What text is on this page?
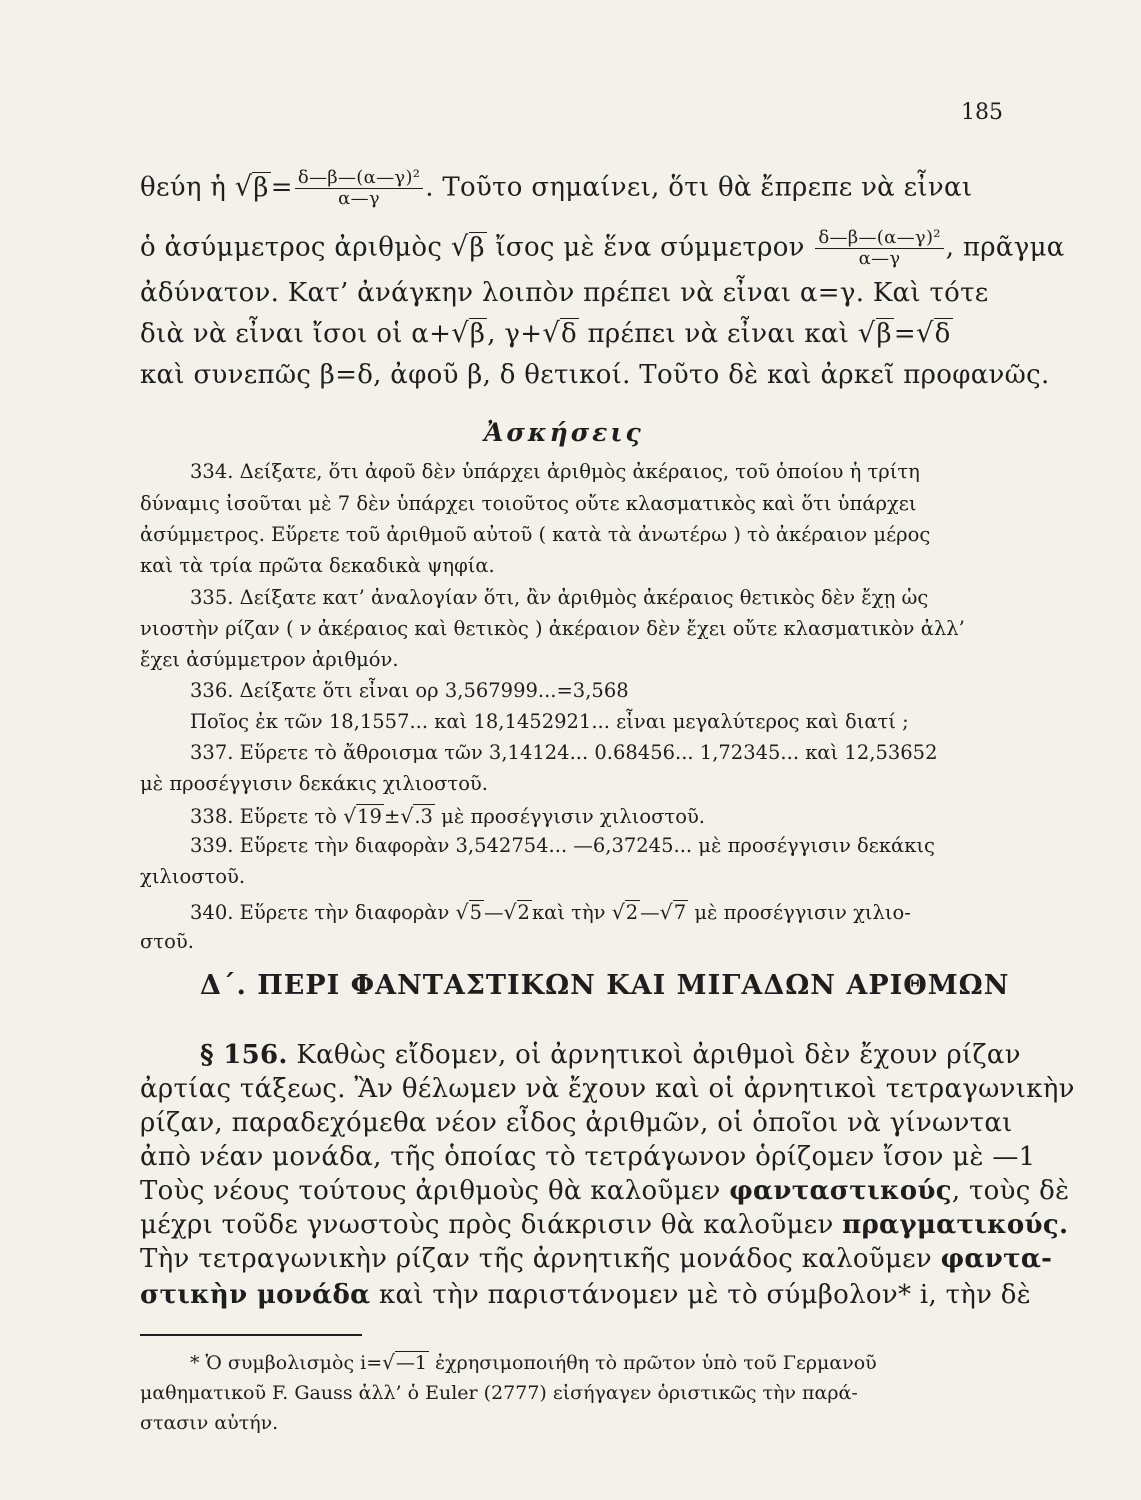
185
θεύη ἡ $√\beta= \frac{\text{δ—β—(α—γ)²}}{\alpha—\gamma}$ . Τοῦτο σημαίνει, ὅτι θὰ ἔπρεπε νὰ εἶναι
ὁ ἀσύμμετρος ἀριθμὸς √β ἴσος μὲ ἕνα σύμμετρον $\frac{\text{δ—β—(α—γ)²}}{\alpha—\gamma}$ , πρᾶγμα
ἀδύνατον. Κατ’ ἀνάγκην λοιπὸν πρέπει νὰ εἶναι α=γ. Καὶ τότε
διὰ νὰ εἶναι ἴσοι οἱ α+√β, γ+√δ πρέπει νὰ εἶναι καὶ √β=√δ
καὶ συνεπῶς β=δ, ἀφοῦ β, δ θετικοί. Τοῦτο δὲ καὶ ἀρκεῖ προφανῶς.
Ἀσκήσεις
334. Δείξατε, ὅτι ἀφοῦ δὲν ὑπάρχει ἀριθμὸς ἀκέραιος, τοῦ ὁποίου ἡ τρίτη
δύναμις ἰσοῦται μὲ 7 δὲν ὑπάρχει τοιοῦτος οὔτε κλασματικὸς καὶ ὅτι ὑπάρχει
ἀσύμμετρος. Εὕρετε τοῦ ἀριθμοῦ αὐτοῦ ( κατὰ τὰ ἀνωτέρω ) τὸ ἀκέραιον μέρος
καὶ τὰ τρία πρῶτα δεκαδικὰ ψηφία.
335. Δείξατε κατ’ ἀναλογίαν ὅτι, ἂν ἀριθμὸς ἀκέραιος θετικὸς δὲν ἔχῃ ὡς
νιοστὴν ρίζαν ( ν ἀκέραιος καὶ θετικὸς ) ἀκέραιον δὲν ἔχει οὔτε κλασματικὸν ἀλλ’
ἔχει ἀσύμμετρον ἀριθμόν.
336. Δείξατε ὅτι εἶναι ορ 3,567999...=3,568
Ποῖος ἐκ τῶν 18,1557... καὶ 18,1452921... εἶναι μεγαλύτερος καὶ διατί ;
337. Εὕρετε τὸ ἄθροισμα τῶν 3,14124... 0.68456... 1,72345... καὶ 12,53652
μὲ προσέγγισιν δεκάκις χιλιοστοῦ.
338. Εὕρετε τὸ √19 ±√.3 μὲ προσέγγισιν χιλιοστοῦ.
339. Εὕρετε τὴν διαφορὰν 3,542754... —6,37245... μὲ προσέγγισιν δεκάκις
χιλιοστοῦ.
340. Εὕρετε τὴν διαφορὰν √5 —√2 καὶ τὴν √2 —√7 μὲ προσέγγισιν χιλιο-
στοῦ.
Δ΄. ΠΕΡΙ ΦΑΝΤΑΣΤΙΚΩΝ ΚΑΙ ΜΙΓΑΔΩΝ ΑΡΙΘΜΩΝ
§ 156. Καθὼς εἴδομεν, οἱ ἀρνητικοὶ ἀριθμοὶ δὲν ἔχουν ρίζαν
ἀρτίας τάξεως. Ἂν θέλωμεν νὰ ἔχουν καὶ οἱ ἀρνητικοὶ τετραγωνικὴν
ρίζαν, παραδεχόμεθα νέον εἶδος ἀριθμῶν, οἱ ὁποῖοι νὰ γίνωνται
ἀπὸ νέαν μονάδα, τῆς ὁποίας τὸ τετράγωνον ὁρίζομεν ἴσον μὲ —1
Τοὺς νέους τούτους ἀριθμοὺς θὰ καλοῦμεν φανταστικούς, τοὺς δὲ
μέχρι τοῦδε γνωστοὺς πρὸς διάκρισιν θὰ καλοῦμεν πραγματικούς.
Τὴν τετραγωνικὴν ρίζαν τῆς ἀρνητικῆς μονάδος καλοῦμεν φαντα-
στικὴν μονάδα καὶ τὴν παριστάνομεν μὲ τὸ σύμβολον* i, τὴν δὲ
* Ὁ συμβολισμὸς i=√—1 ἐχρησιμοποιήθη τὸ πρῶτον ὑπὸ τοῦ Γερμανοῦ
μαθηματικοῦ F. Gauss ἀλλ’ ὁ Euler (2777) εἰσήγαγεν ὁριστικῶς τὴν παρά-
στασιν αὐτήν.
